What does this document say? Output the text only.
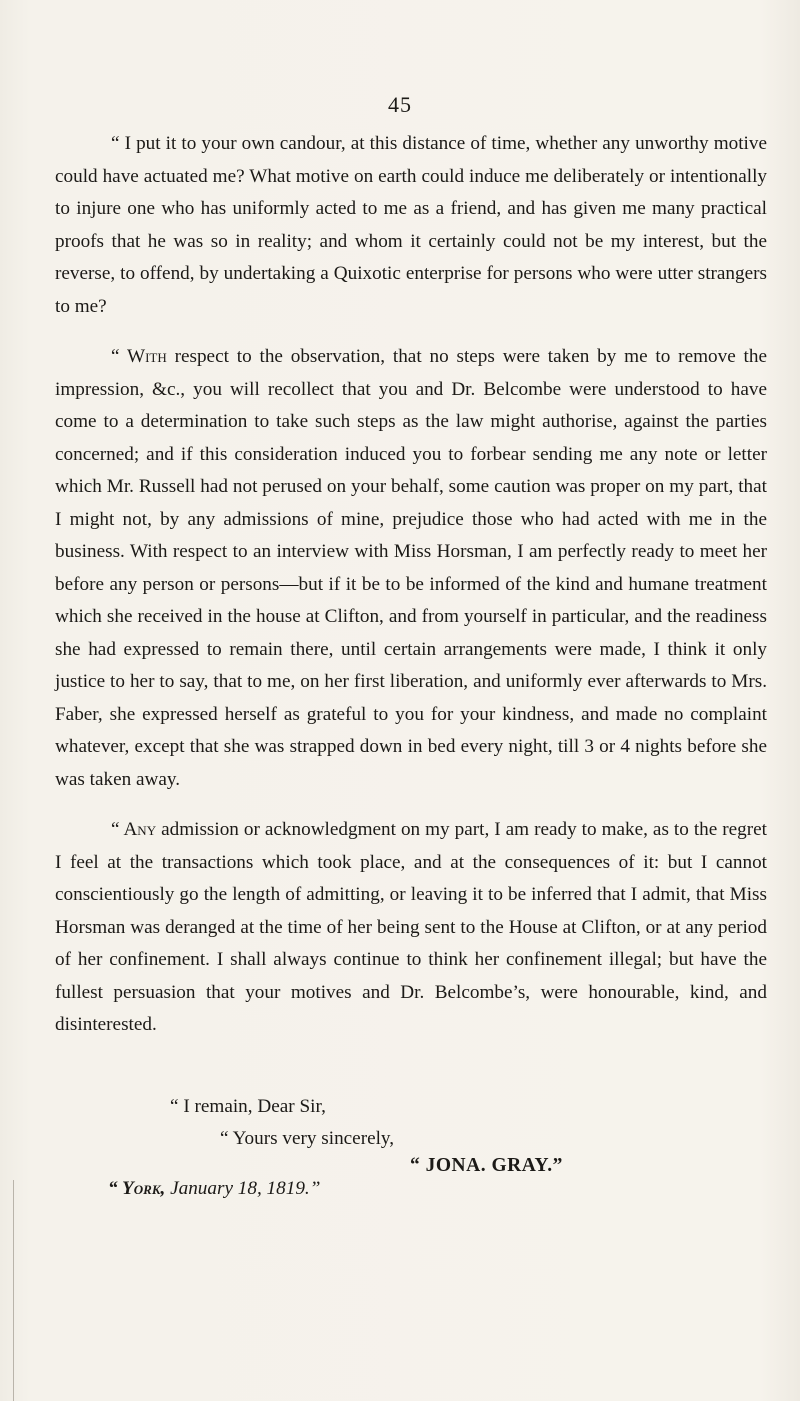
45

“ I put it to your own candour, at this distance of time, whether any unworthy motive could have actuated me? What motive on earth could induce me deliberately or intentionally to injure one who has uniformly acted to me as a friend, and has given me many practical proofs that he was so in reality; and whom it certainly could not be my interest, but the reverse, to offend, by undertaking a Quixotic enterprise for persons who were utter strangers to me?

“ With respect to the observation, that no steps were taken by me to remove the impression, &c., you will recollect that you and Dr. Belcombe were understood to have come to a determination to take such steps as the law might authorise, against the parties concerned; and if this consideration induced you to forbear sending me any note or letter which Mr. Russell had not perused on your behalf, some caution was proper on my part, that I might not, by any admissions of mine, prejudice those who had acted with me in the business. With respect to an interview with Miss Horsman, I am perfectly ready to meet her before any person or persons—but if it be to be informed of the kind and humane treatment which she received in the house at Clifton, and from yourself in particular, and the readiness she had expressed to remain there, until certain arrangements were made, I think it only justice to her to say, that to me, on her first liberation, and uniformly ever afterwards to Mrs. Faber, she expressed herself as grateful to you for your kindness, and made no complaint whatever, except that she was strapped down in bed every night, till 3 or 4 nights before she was taken away.

“ Any admission or acknowledgment on my part, I am ready to make, as to the regret I feel at the transactions which took place, and at the consequences of it: but I cannot conscientiously go the length of admitting, or leaving it to be inferred that I admit, that Miss Horsman was deranged at the time of her being sent to the House at Clifton, or at any period of her confinement. I shall always continue to think her confinement illegal; but have the fullest persuasion that your motives and Dr. Belcombe’s, were honourable, kind, and disinterested.

“ I remain, Dear Sir,
“ Yours very sincerely,
“ JONA. GRAY.”
“ York, January 18, 1819.”
